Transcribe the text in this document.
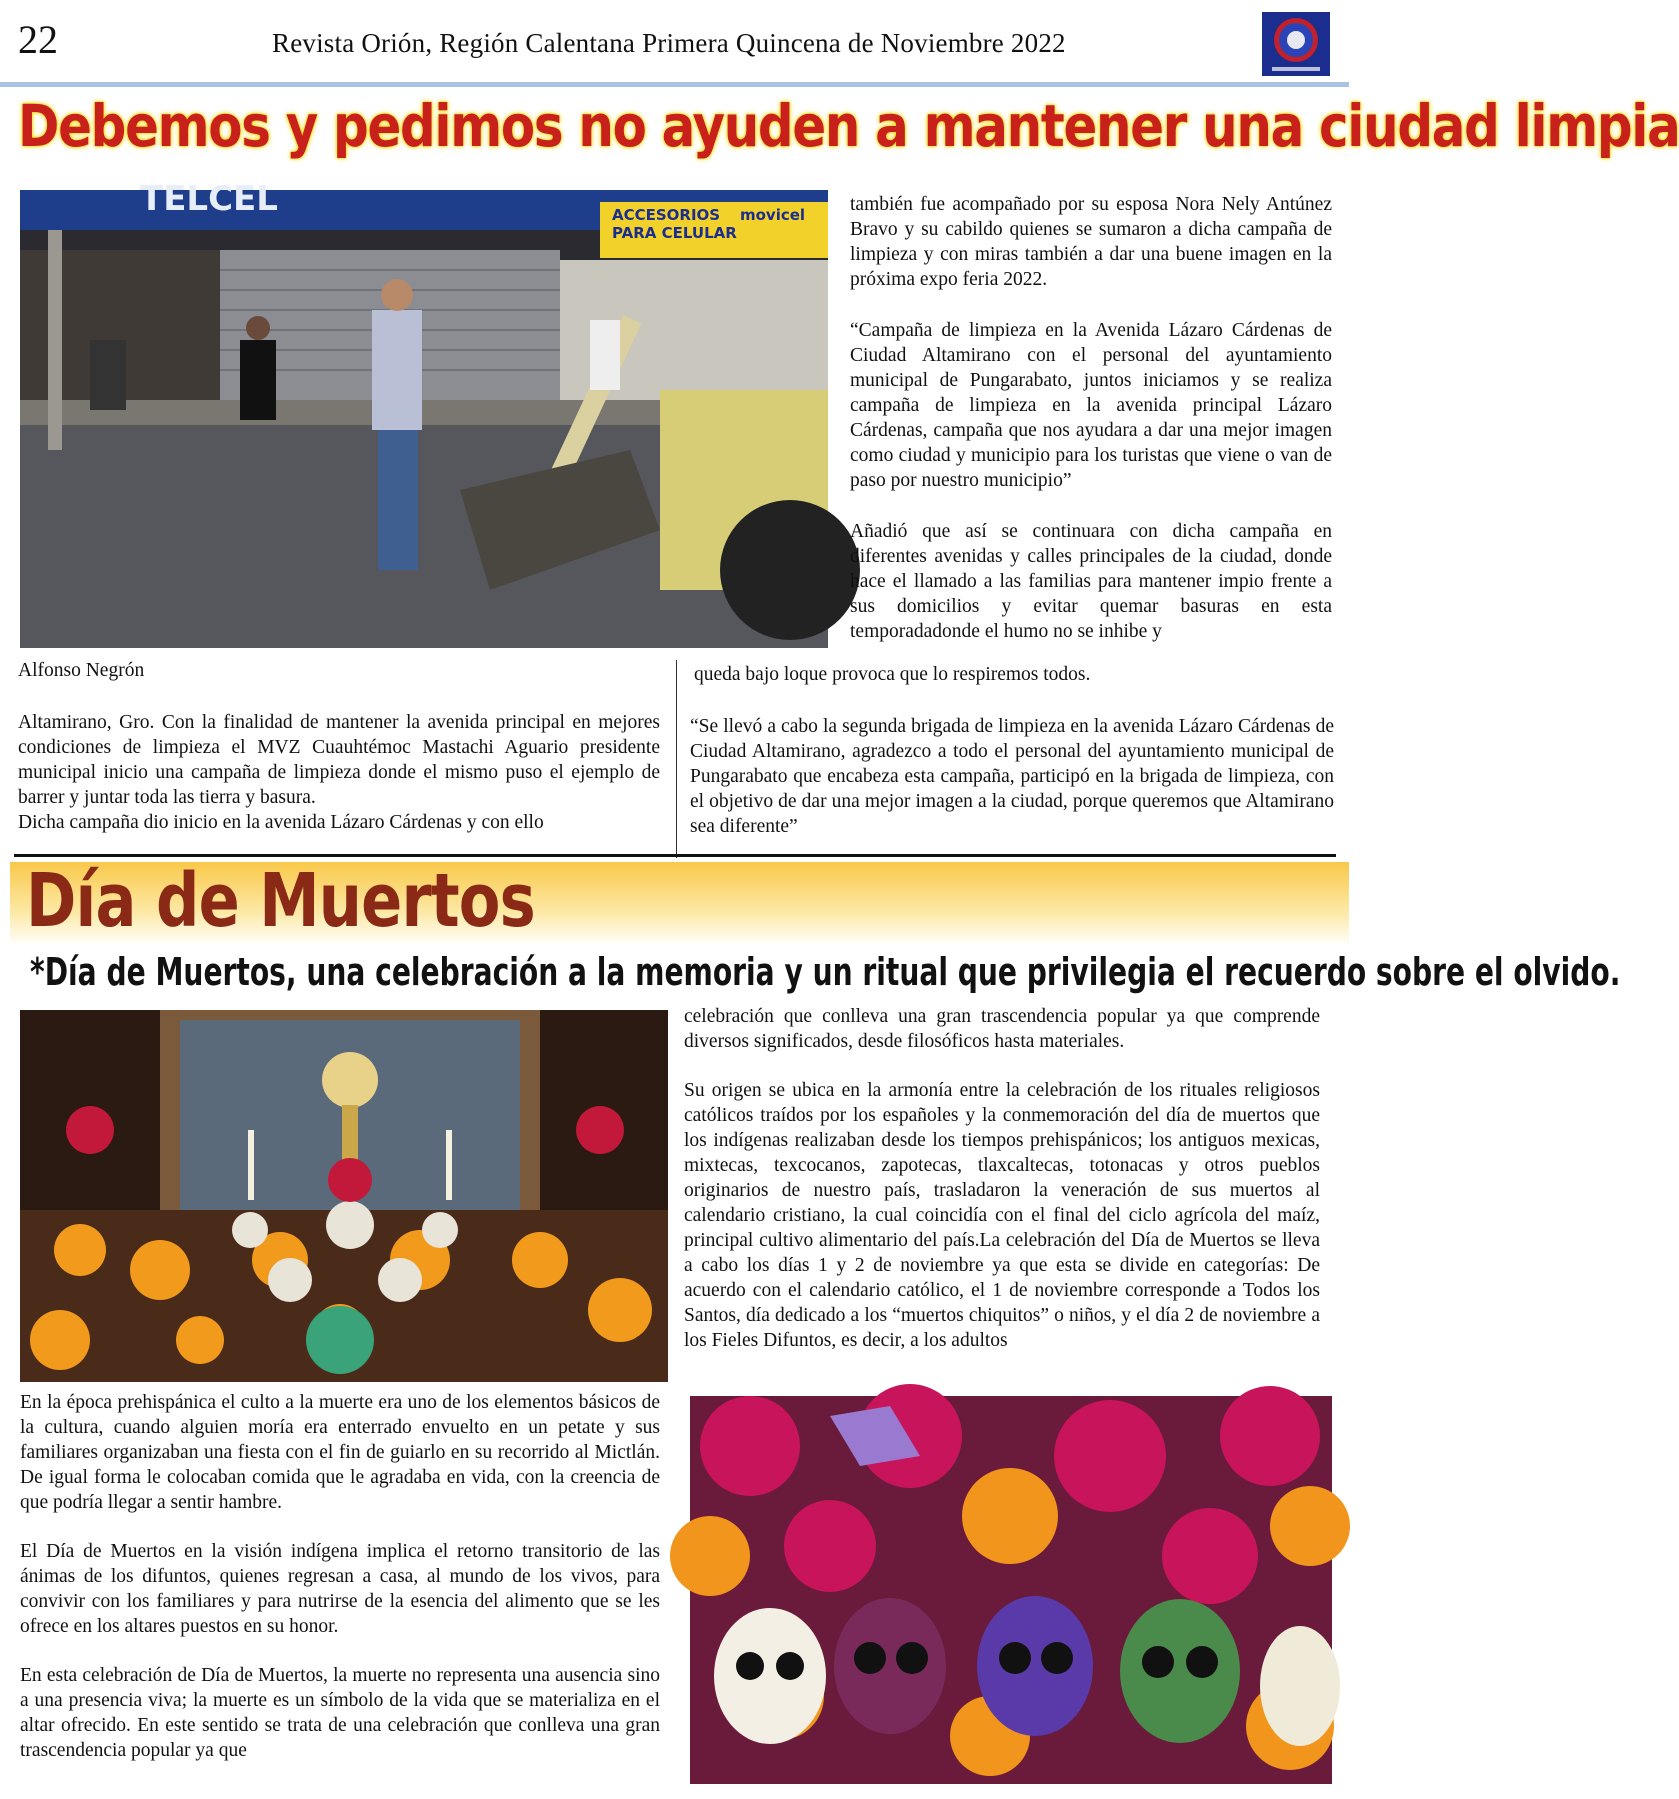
22	Revista Orión, Región Calentana Primera Quincena de Noviembre 2022
Debemos y pedimos no ayuden a mantener una ciudad limpia
TELCEL	ACCESORIOS
PARA CELULAR
movicel también fue acompañado por su esposa Nora Nely Antúnez Bravo y su cabildo quienes se sumaron a dicha campaña de limpieza y con miras también a dar una buene imagen en la próxima expo feria 2022.

“Campaña de limpieza en la Avenida Lázaro Cárdenas de Ciudad Altamirano con el personal del ayuntamiento municipal de Pungarabato, juntos iniciamos y se realiza campaña de limpieza en la avenida principal Lázaro Cárdenas, campaña que nos ayudara a dar una mejor imagen como ciudad y municipio para los turistas que viene o van de paso por nuestro municipio”

Añadió que así se continuara con dicha campaña en diferentes avenidas y calles principales de la ciudad, donde hace el llamado a las familias para mantener impio frente a sus domicilios y evitar quemar basuras en esta temporadadonde el humo no se inhibe y

Alfonso Negrón	queda bajo loque provoca que lo respiremos todos.

Altamirano, Gro. Con la finalidad de mantener la avenida principal en mejores condiciones de limpieza el MVZ Cuauhtémoc Mastachi Aguario presidente municipal inicio una campaña de limpieza donde el mismo puso el ejemplo de barrer y juntar toda las tierra y basura.

Dicha campaña dio inicio en la avenida Lázaro Cárdenas y con ello

“Se llevó a cabo la segunda brigada de limpieza en la avenida Lázaro Cárdenas de Ciudad Altamirano, agradezco a todo el personal del ayuntamiento municipal de Pungarabato que encabeza esta campaña, participó en la brigada de limpieza, con el objetivo de dar una mejor imagen a la ciudad, porque queremos que Altamirano sea diferente”
Día de Muertos
*Día de Muertos, una celebración a la memoria y un ritual que privilegia el recuerdo sobre el olvido.

celebración que conlleva una gran trascendencia popular ya que comprende diversos significados, desde filosóficos hasta materiales.

Su origen se ubica en la armonía entre la celebración de los rituales religiosos católicos traídos por los españoles y la conmemoración del día de muertos que los indígenas realizaban desde los tiempos prehispánicos; los antiguos mexicas, mixtecas, texcocanos, zapotecas, tlaxcaltecas, totonacas y otros pueblos originarios de nuestro país, trasladaron la veneración de sus muertos al calendario cristiano, la cual coincidía con el final del ciclo agrícola del maíz, principal cultivo alimentario del país.La celebración del Día de Muertos se lleva a cabo los días 1 y 2 de noviembre ya que esta se divide en categorías: De acuerdo con el calendario católico, el 1 de noviembre corresponde a Todos los Santos, día dedicado a los “muertos chiquitos” o niños, y el día 2 de noviembre a los Fieles Difuntos, es decir, a los adultos

En la época prehispánica el culto a la muerte era uno de los elementos básicos de la cultura, cuando alguien moría era enterrado envuelto en un petate y sus familiares organizaban una fiesta con el fin de guiarlo en su recorrido al Mictlán. De igual forma le colocaban comida que le agradaba en vida, con la creencia de que podría llegar a sentir hambre.

El Día de Muertos en la visión indígena implica el retorno transitorio de las ánimas de los difuntos, quienes regresan a casa, al mundo de los vivos, para convivir con los familiares y para nutrirse de la esencia del alimento que se les ofrece en los altares puestos en su honor.

En esta celebración de Día de Muertos, la muerte no representa una ausencia sino a una presencia viva; la muerte es un símbolo de la vida que se materializa en el altar ofrecido. En este sentido se trata de una celebración que conlleva una gran trascendencia popular ya que
